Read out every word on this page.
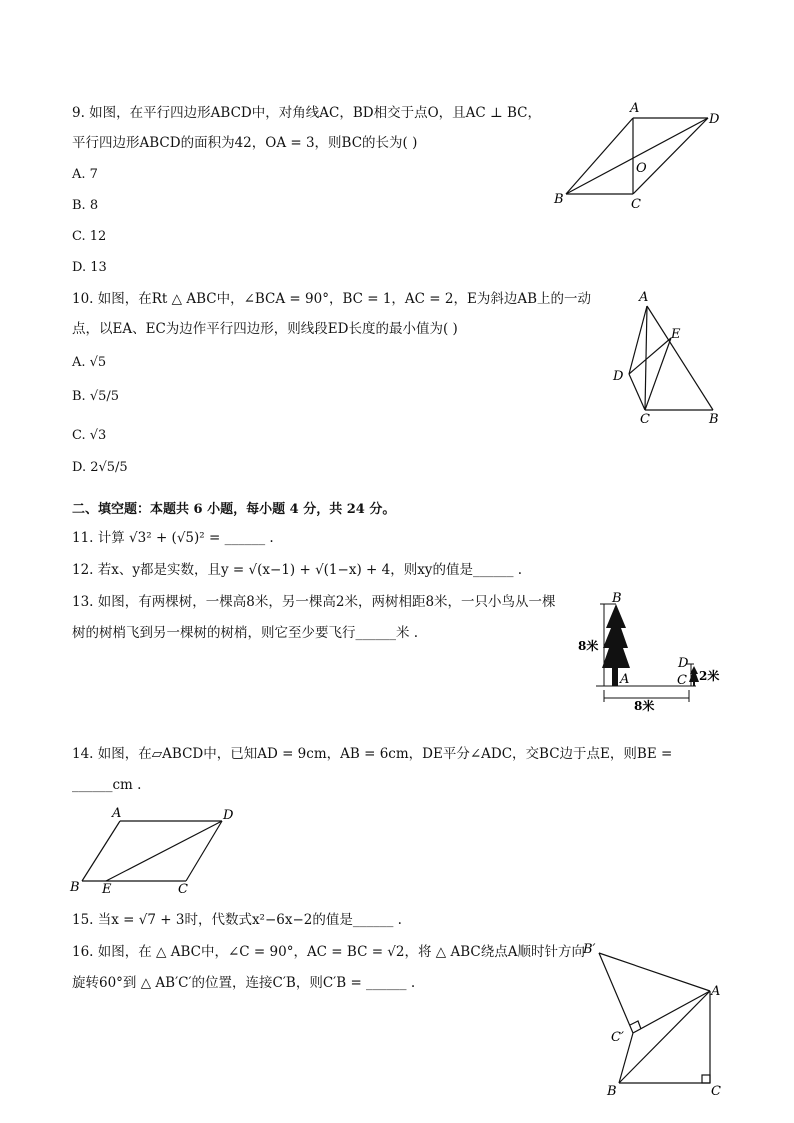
9. 如图，在平行四边形ABCD中，对角线AC，BD相交于点O，且AC ⊥ BC，
平行四边形ABCD的面积为42，OA = 3，则BC的长为( )
A. 7
B. 8
C. 12
D. 13
A
D
O
B	C
10. 如图，在Rt △ ABC中，∠BCA = 90°，BC = 1，AC = 2，E为斜边AB上的一动
点，以EA、EC为边作平行四边形，则线段ED长度的最小值为( )
A. √5
B. √5/5
C. √3
D. 2√5/5
A
E
D
C	B
二、填空题：本题共 6 小题，每小题 4 分，共 24 分。
11. 计算 √3² + (√5)² = ______ .
12. 若x、y都是实数，且y = √(x−1) + √(1−x) + 4，则xy的值是______ .
13. 如图，有两棵树，一棵高8米，另一棵高2米，两树相距8米，一只小鸟从一棵
树的树梢飞到另一棵树的树梢，则它至少要飞行______米 .
B
A
D
C
8米
2米
8米
14. 如图，在▱ABCD中，已知AD = 9cm，AB = 6cm，DE平分∠ADC，交BC边于点E，则BE =
______cm .
A	D
B E	C
15. 当x = √7 + 3时，代数式x²−6x−2的值是______ .
16. 如图，在 △ ABC中，∠C = 90°，AC = BC = √2，将 △ ABC绕点A顺时针方向
旋转60°到 △ AB′C′的位置，连接C′B，则C′B = ______ .
B′
A
C′
B	C
